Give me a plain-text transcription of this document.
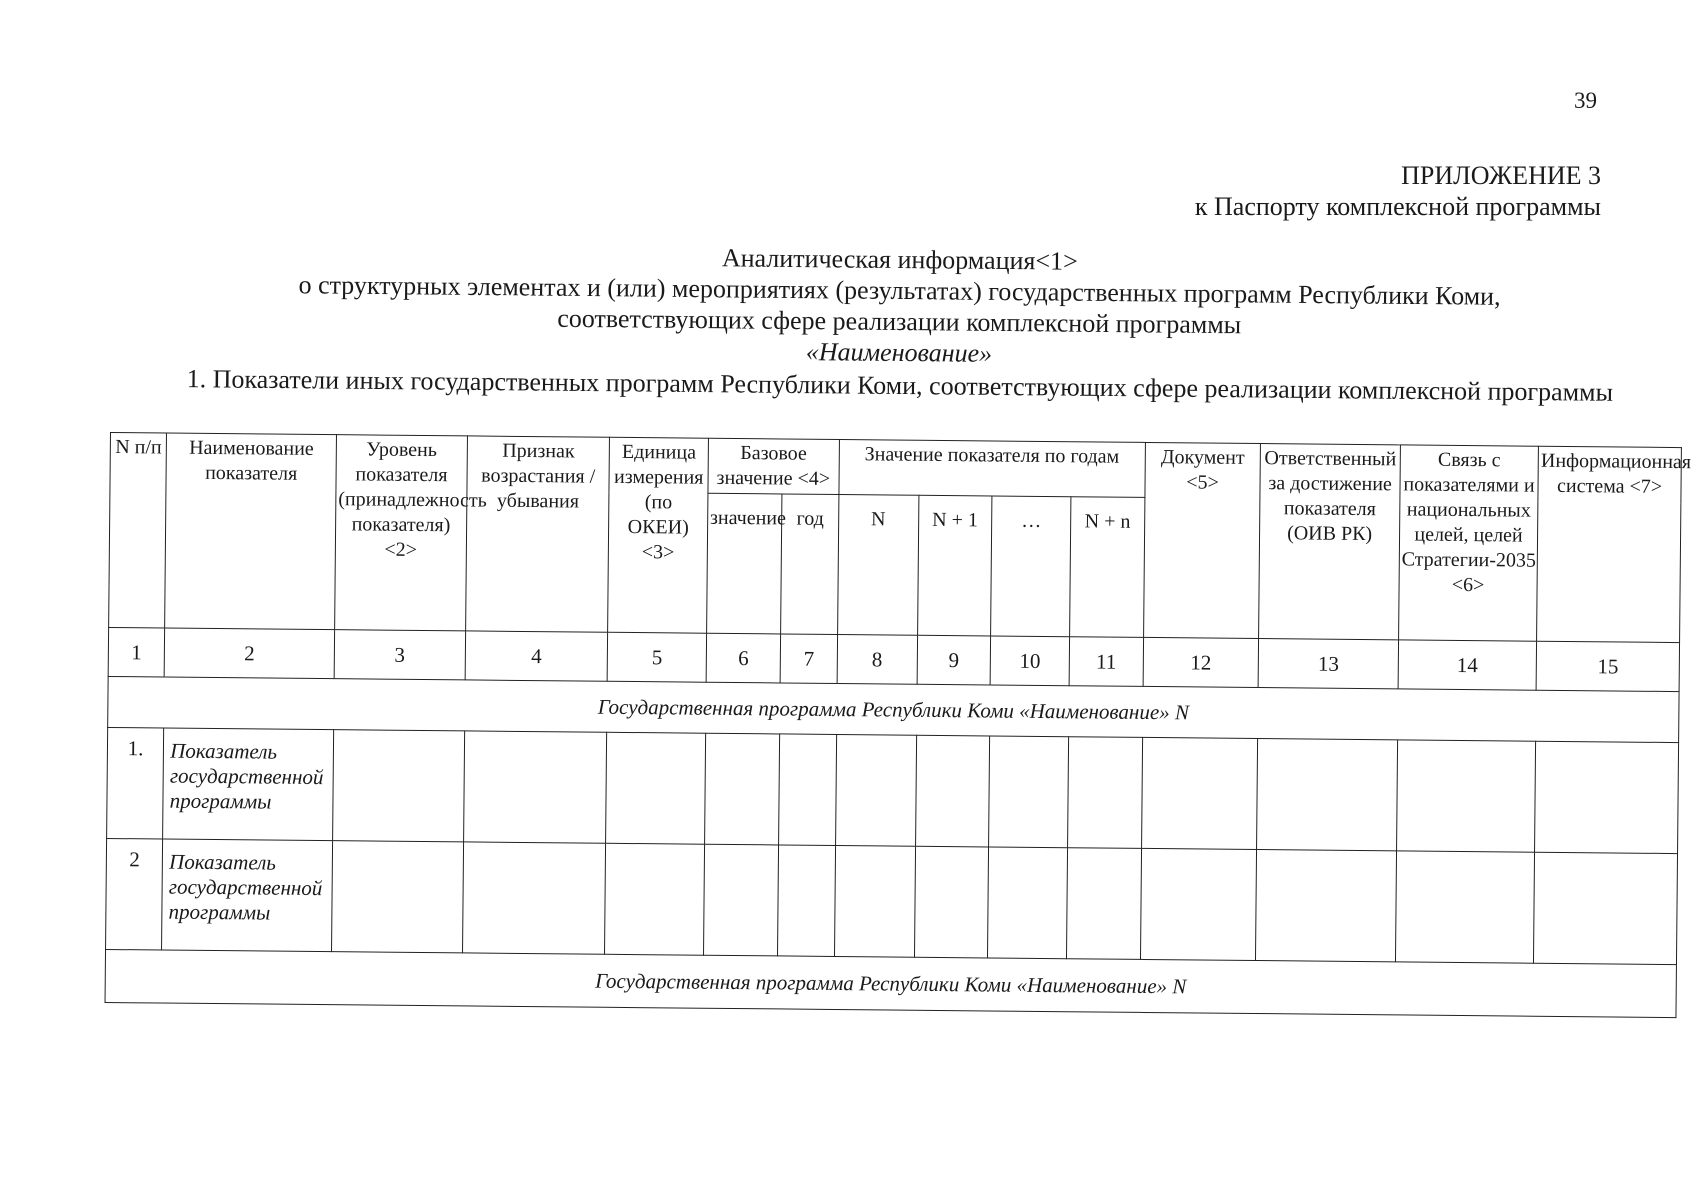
39
ПРИЛОЖЕНИЕ 3
к Паспорту комплексной программы
Аналитическая информация<1>
о структурных элементах и (или) мероприятиях (результатах) государственных программ Республики Коми,
соответствующих сфере реализации комплексной программы
«Наименование»
1. Показатели иных государственных программ Республики Коми, соответствующих сфере реализации комплексной программы
N п/п	Наименование показателя	Уровень показателя (принадлежность показателя) <2>	Признак возрастания /убывания	Единица измерения (по ОКЕИ) <3>	Базовое значение <4>		Значение показателя по годам				Документ <5>	Ответственный за достижение показателя (ОИВ РК)	Связь с показателями и национальных целей, целей Стратегии-2035 <6>	Информационная система <7>
					значение	год	N	N + 1	…	N + n				
1	2	3	4	5	6	7	8	9	10	11	12	13	14	15
Государственная программа Республики Коми «Наименование» N														
1.	Показатель государственной программы													
2	Показатель государственной программы													
Государственная программа Республики Коми «Наименование» N														
